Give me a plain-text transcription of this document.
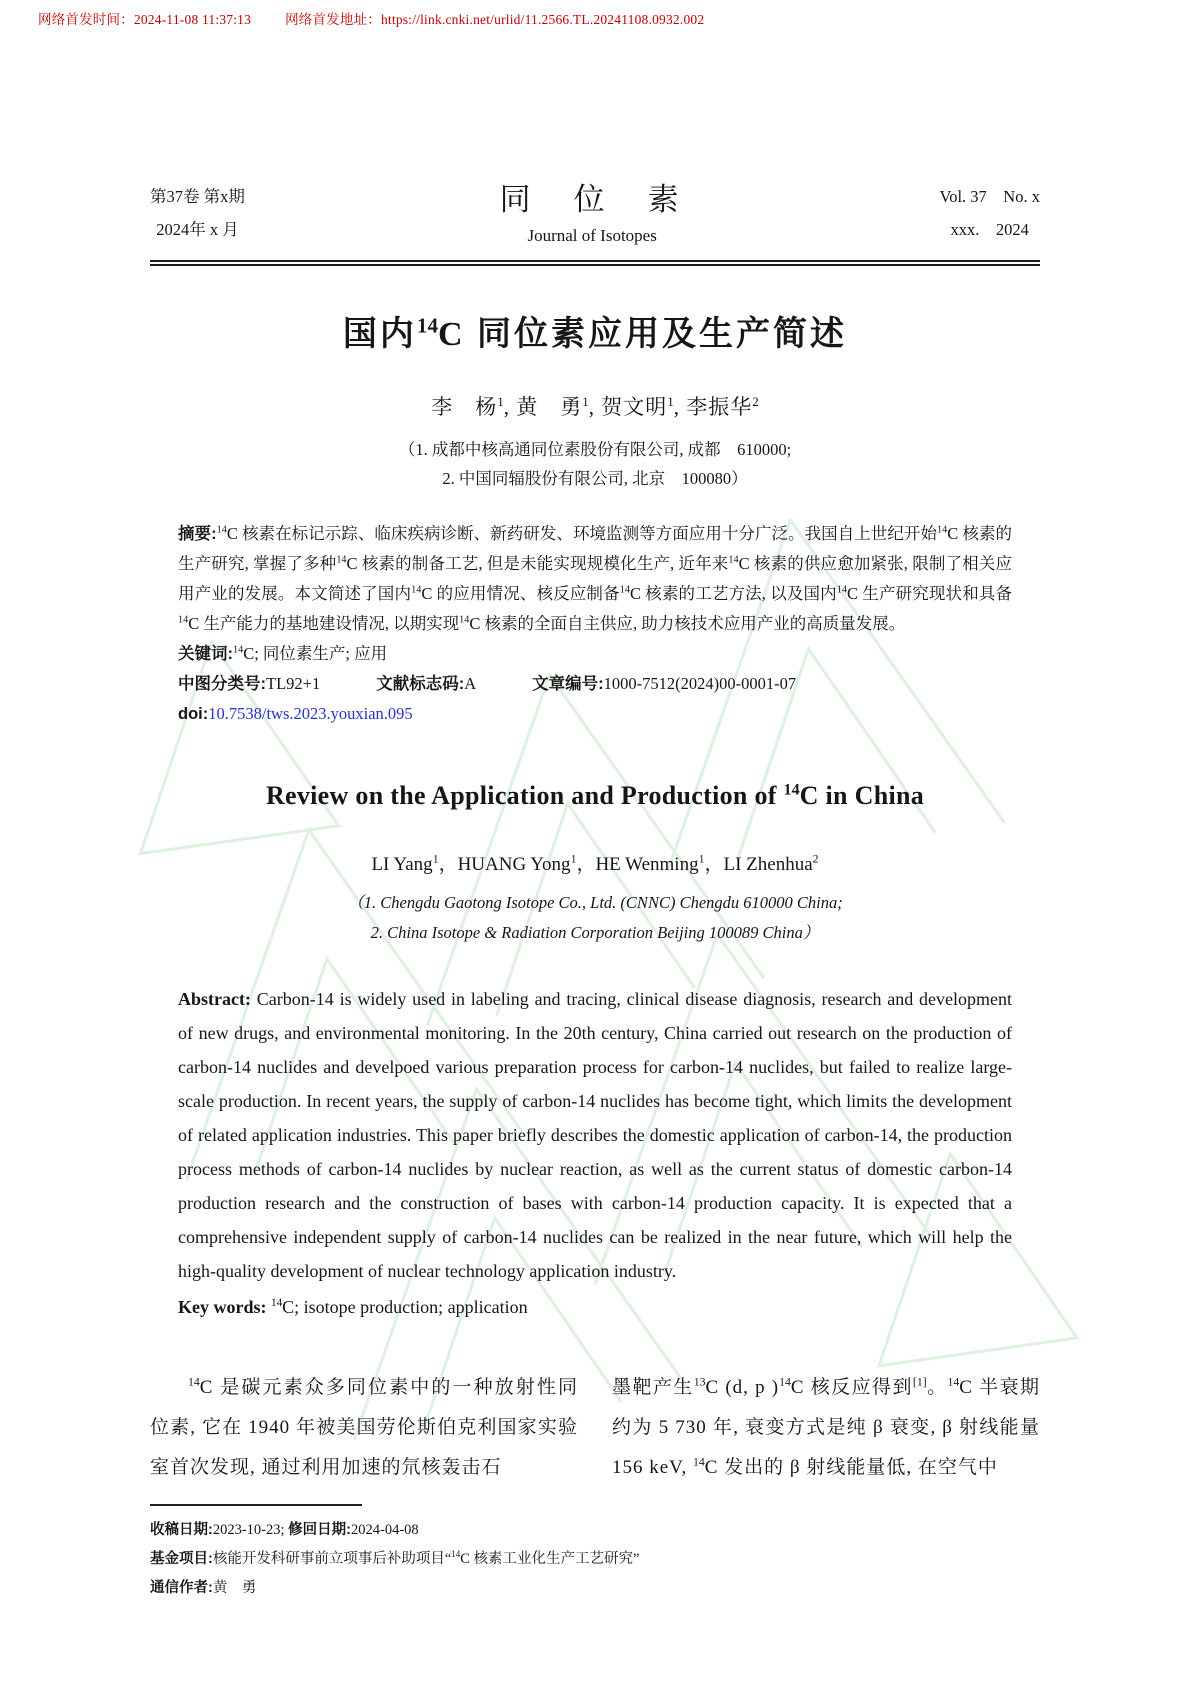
网络首发时间：2024-11-08 11:37:13	网络首发地址：https://link.cnki.net/urlid/11.2566.TL.20241108.0932.002
第37卷 第x期
2024年 x 月
同　位　素
Journal of Isotopes
Vol. 37　No. x
xxx.　2024
国内$^{14}$C 同位素应用及生产简述
李　杨$^1$, 黄　勇$^1$, 贺文明$^1$, 李振华$^2$
（1. 成都中核高通同位素股份有限公司, 成都　610000;
2. 中国同辐股份有限公司, 北京　100080）

摘要:$^{14}$C 核素在标记示踪、临床疾病诊断、新药研发、环境监测等方面应用十分广泛。我国自上世纪开始$^{14}$C 核素的生产研究, 掌握了多种$^{14}$C 核素的制备工艺, 但是未能实现规模化生产, 近年来$^{14}$C 核素的供应愈加紧张, 限制了相关应用产业的发展。本文简述了国内$^{14}$C 的应用情况、核反应制备$^{14}$C 核素的工艺方法, 以及国内$^{14}$C 生产研究现状和具备$^{14}$C 生产能力的基地建设情况, 以期实现$^{14}$C 核素的全面自主供应, 助力核技术应用产业的高质量发展。

关键词:$^{14}$C; 同位素生产; 应用

中图分类号:TL92+1	文献标志码:A	文章编号:1000-7512(2024)00-0001-07

doi:10.7538/tws.2023.youxian.095

Review on the Application and Production of $^{14}$C in China
LI Yang$^1$，HUANG Yong$^1$，HE Wenming$^1$，LI Zhenhua$^2$
（1. Chengdu Gaotong Isotope Co., Ltd. (CNNC) Chengdu 610000 China;
2. China Isotope & Radiation Corporation Beijing 100089 China）

Abstract: Carbon-14 is widely used in labeling and tracing, clinical disease diagnosis, research and development of new drugs, and environmental monitoring. In the 20th century, China carried out research on the production of carbon-14 nuclides and develpoed various preparation process for carbon-14 nuclides, but failed to realize large-scale production. In recent years, the supply of carbon-14 nuclides has become tight, which limits the development of related application industries. This paper briefly describes the domestic application of carbon-14, the production process methods of carbon-14 nuclides by nuclear reaction, as well as the current status of domestic carbon-14 production research and the construction of bases with carbon-14 production capacity. It is expected that a comprehensive independent supply of carbon-14 nuclides can be realized in the near future, which will help the high-quality development of nuclear technology application industry.

Key words: $^{14}$C; isotope production; application

$^{14}$C 是碳元素众多同位素中的一种放射性同位素, 它在 1940 年被美国劳伦斯伯克利国家实验室首次发现, 通过利用加速的氘核轰击石

墨靶产生$^{13}$C (d, p )$^{14}$C 核反应得到[1]。$^{14}$C 半衰期约为 5 730 年, 衰变方式是纯 β 衰变, β 射线能量 156 keV, $^{14}$C 发出的 β 射线能量低, 在空气中

收稿日期:2023-10-23; 修回日期:2024-04-08
基金项目:核能开发科研事前立项事后补助项目“$^{14}$C 核素工业化生产工艺研究”
通信作者:黄　勇
